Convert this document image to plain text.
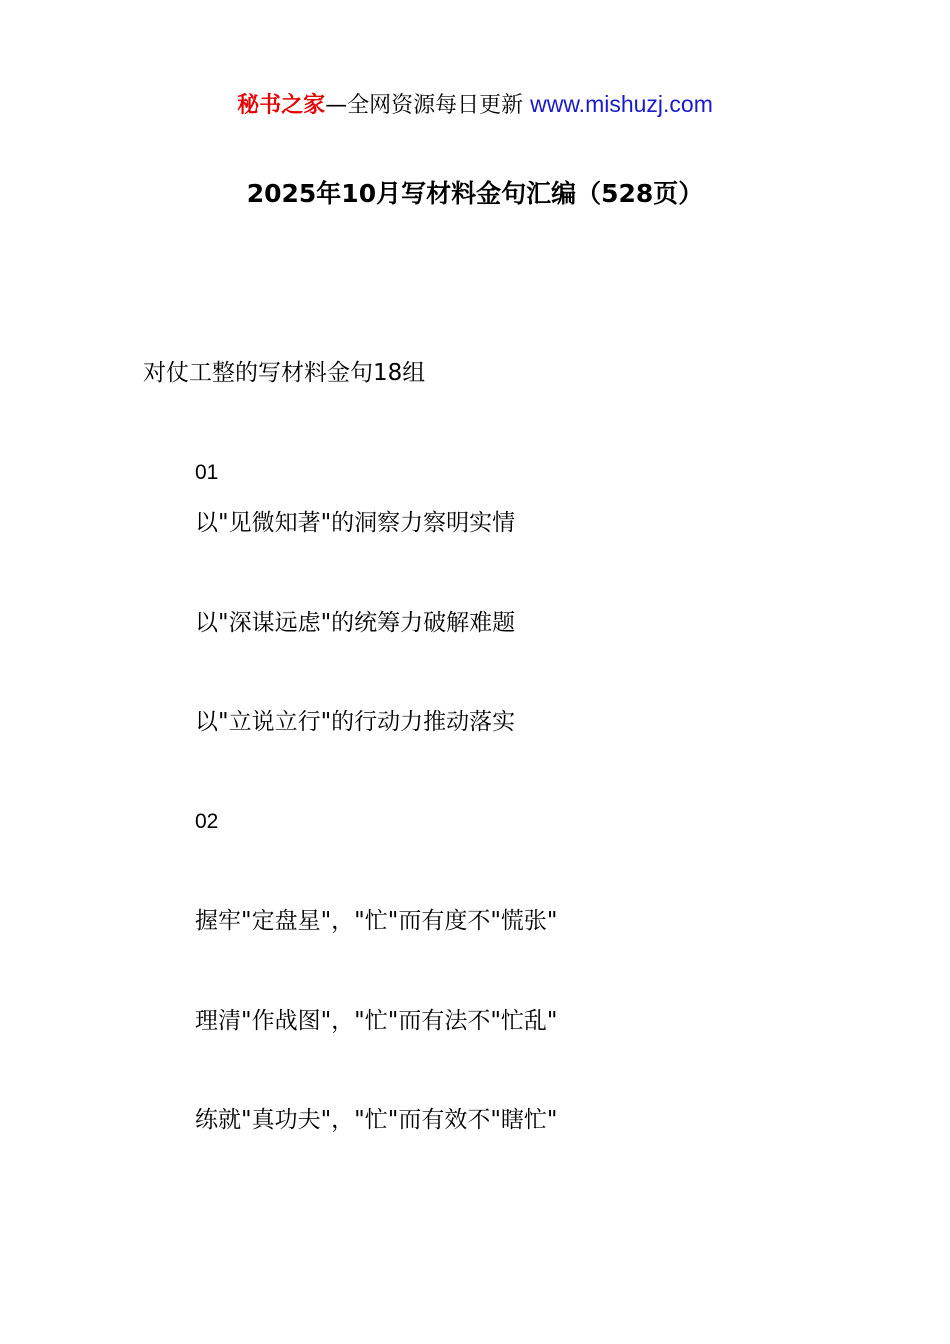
秘书之家—全网资源每日更新 www.mishuzj.com
2025年10月写材料金句汇编（528页）
对仗工整的写材料金句18组
01
以"见微知著"的洞察力察明实情
以"深谋远虑"的统筹力破解难题
以"立说立行"的行动力推动落实
02
握牢"定盘星"，"忙"而有度不"慌张"
理清"作战图"，"忙"而有法不"忙乱"
练就"真功夫"，"忙"而有效不"瞎忙"
